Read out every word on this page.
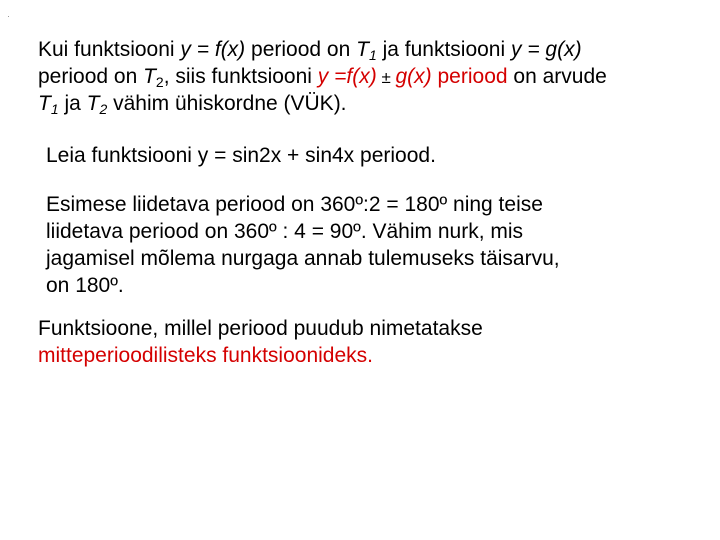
Kui funktsiooni y = f(x) periood on $T_1$ ja funktsiooni y = g(x)
periood on $T_2$, siis funktsiooni y =f(x) ± g(x) periood on arvude
$T_1$ ja $T_2$ vähim ühiskordne (VÜK).
Leia funktsiooni y = sin2x + sin4x periood.
Esimese liidetava periood on 360º:2 = 180º ning teise
liidetava periood on 360º : 4 = 90º. Vähim nurk, mis
jagamisel mõlema nurgaga annab tulemuseks täisarvu,
on 180º.
Funktsioone, millel periood puudub nimetatakse
mitteperioodilisteks funktsioonideks.
